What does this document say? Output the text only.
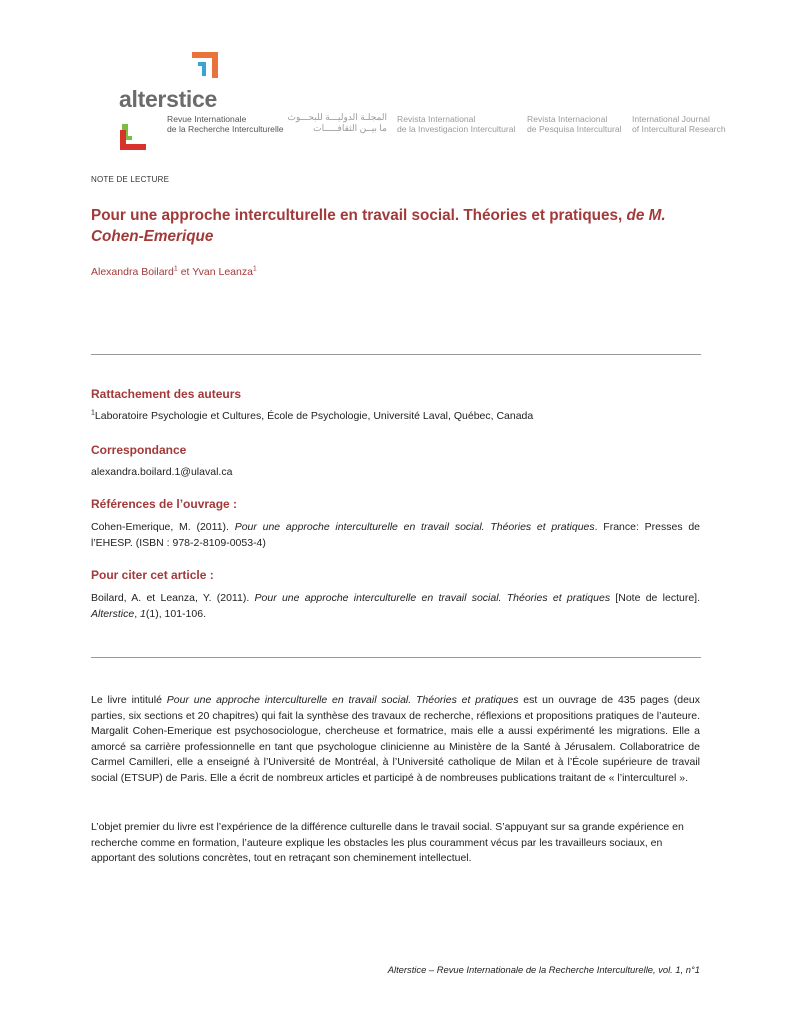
alterstice
Revue Internationale
de la Recherche Interculturelle
المجلـة الدوليـــة للبحـــوث
ما بيــن الثقافـــــات
Revista International
de la Investigacion Intercultural
Revista Internacional
de Pesquisa Intercultural
International Journal
of Intercultural Research
NOTE DE LECTURE
Pour une approche interculturelle en travail social. Théories et pratiques, de M. Cohen-Emerique
Alexandra Boilard$^1$ et Yvan Leanza$^1$
Rattachement des auteurs
$^1$Laboratoire Psychologie et Cultures, École de Psychologie, Université Laval, Québec, Canada
Correspondance
alexandra.boilard.1@ulaval.ca
Références de l’ouvrage :
Cohen-Emerique, M. (2011). Pour une approche interculturelle en travail social. Théories et pratiques. France: Presses de l’EHESP. (ISBN : 978-2-8109-0053-4)
Pour citer cet article :
Boilard, A. et Leanza, Y. (2011). Pour une approche interculturelle en travail social. Théories et pratiques [Note de lecture]. Alterstice, 1(1), 101-106.
Le livre intitulé Pour une approche interculturelle en travail social. Théories et pratiques est un ouvrage de 435 pages (deux parties, six sections et 20 chapitres) qui fait la synthèse des travaux de recherche, réflexions et propositions pratiques de l’auteure. Margalit Cohen-Emerique est psychosociologue, chercheuse et formatrice, mais elle a aussi expérimenté les migrations. Elle a amorcé sa carrière professionnelle en tant que psychologue clinicienne au Ministère de la Santé à Jérusalem. Collaboratrice de Carmel Camilleri, elle a enseigné à l’Université de Montréal, à l’Université catholique de Milan et à l’École supérieure de travail social (ETSUP) de Paris. Elle a écrit de nombreux articles et participé à de nombreuses publications traitant de « l’interculturel ».
L’objet premier du livre est l’expérience de la différence culturelle dans le travail social. S’appuyant sur sa grande expérience en recherche comme en formation, l’auteure explique les obstacles les plus couramment vécus par les travailleurs sociaux, en apportant des solutions concrètes, tout en retraçant son cheminement intellectuel.
Alterstice – Revue Internationale de la Recherche Interculturelle, vol. 1, n°1
